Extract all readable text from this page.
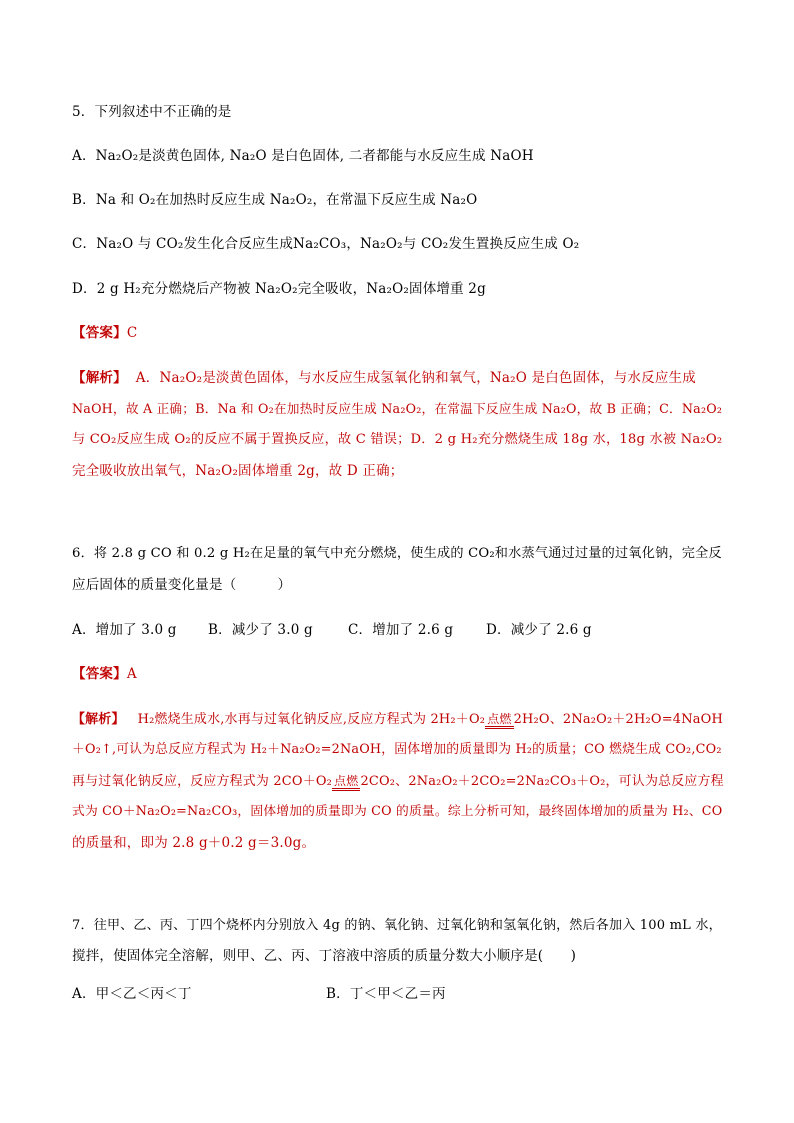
5．下列叙述中不正确的是
A．Na₂O₂是淡黄色固体, Na₂O 是白色固体, 二者都能与水反应生成 NaOH
B．Na 和 O₂在加热时反应生成 Na₂O₂，在常温下反应生成 Na₂O
C．Na₂O 与 CO₂发生化合反应生成Na₂CO₃，Na₂O₂与 CO₂发生置换反应生成 O₂
D．2 g H₂充分燃烧后产物被 Na₂O₂完全吸收，Na₂O₂固体增重 2g
【答案】C
【解析】 A．Na₂O₂是淡黄色固体，与水反应生成氢氧化钠和氧气，Na₂O 是白色固体，与水反应生成
NaOH，故 A 正确；B．Na 和 O₂在加热时反应生成 Na₂O₂，在常温下反应生成 Na₂O，故 B 正确；C．Na₂O₂
与 CO₂反应生成 O₂的反应不属于置换反应，故 C 错误；D．2 g H₂充分燃烧生成 18g 水，18g 水被 Na₂O₂
完全吸收放出氧气，Na₂O₂固体增重 2g，故 D 正确；
6．将 2.8 g CO 和 0.2 g H₂在足量的氧气中充分燃烧，使生成的 CO₂和水蒸气通过过量的过氧化钠，完全反
应后固体的质量变化量是（　　　）
A．增加了 3.0 g B．减少了 3.0 g	C．增加了 2.6 g D．减少了 2.6 g
【答案】A
【解析】 H₂燃烧生成水,水再与过氧化钠反应,反应方程式为 2H₂＋O₂ 点燃 2H₂O、2Na₂O₂＋2H₂O=4NaOH
＋O₂↑,可认为总反应方程式为 H₂＋Na₂O₂=2NaOH，固体增加的质量即为 H₂的质量；CO 燃烧生成 CO₂,CO₂
再与过氧化钠反应，反应方程式为 2CO＋O₂ 点燃 2CO₂、2Na₂O₂＋2CO₂=2Na₂CO₃＋O₂，可认为总反应方程
式为 CO＋Na₂O₂=Na₂CO₃，固体增加的质量即为 CO 的质量。综上分析可知，最终固体增加的质量为 H₂、CO
的质量和，即为 2.8 g＋0.2 g＝3.0g。
7．往甲、乙、丙、丁四个烧杯内分别放入 4g 的钠、氧化钠、过氧化钠和氢氧化钠，然后各加入 100 mL 水，
搅拌，使固体完全溶解，则甲、乙、丙、丁溶液中溶质的质量分数大小顺序是(　　)
A．甲＜乙＜丙＜丁	B．丁＜甲＜乙＝丙
